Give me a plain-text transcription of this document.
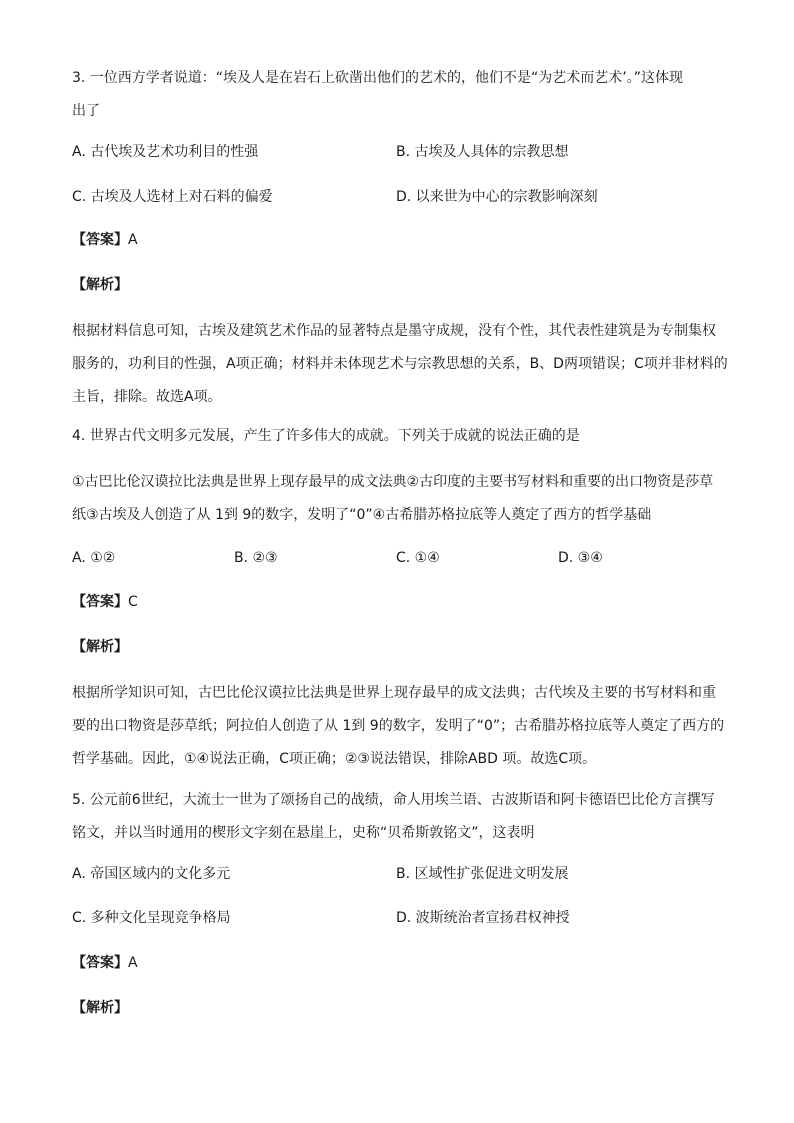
3. 一位西方学者说道：“埃及人是在岩石上砍凿出他们的艺术的，他们不是“为艺术而艺术’。”这体现
出了

A. 古代埃及艺术功利目的性强	B. 古埃及人具体的宗教思想
C. 古埃及人选材上对石料的偏爱	D. 以来世为中心的宗教影响深刻
【答案】A
【解析】

根据材料信息可知，古埃及建筑艺术作品的显著特点是墨守成规，没有个性，其代表性建筑是为专制集权
服务的，功利目的性强，A项正确；材料并未体现艺术与宗教思想的关系，B、D两项错误；C项并非材料的
主旨，排除。故选A项。

4. 世界古代文明多元发展，产生了许多伟大的成就。下列关于成就的说法正确的是

①古巴比伦汉谟拉比法典是世界上现存最早的成文法典②古印度的主要书写材料和重要的出口物资是莎草
纸③古埃及人创造了从 1到 9的数字，发明了“0”④古希腊苏格拉底等人奠定了西方的哲学基础

A. ①②	B. ②③	C. ①④	D. ③④
【答案】C
【解析】

根据所学知识可知，古巴比伦汉谟拉比法典是世界上现存最早的成文法典；古代埃及主要的书写材料和重
要的出口物资是莎草纸；阿拉伯人创造了从 1到 9的数字，发明了“0”；古希腊苏格拉底等人奠定了西方的
哲学基础。因此，①④说法正确，C项正确；②③说法错误，排除ABD 项。故选C项。

5. 公元前6世纪，大流士一世为了颂扬自己的战绩，命人用埃兰语、古波斯语和阿卡德语巴比伦方言撰写
铭文，并以当时通用的楔形文字刻在悬崖上，史称“贝希斯敦铭文”，这表明

A. 帝国区域内的文化多元	B. 区域性扩张促进文明发展
C. 多种文化呈现竞争格局	D. 波斯统治者宣扬君权神授
【答案】A
【解析】
